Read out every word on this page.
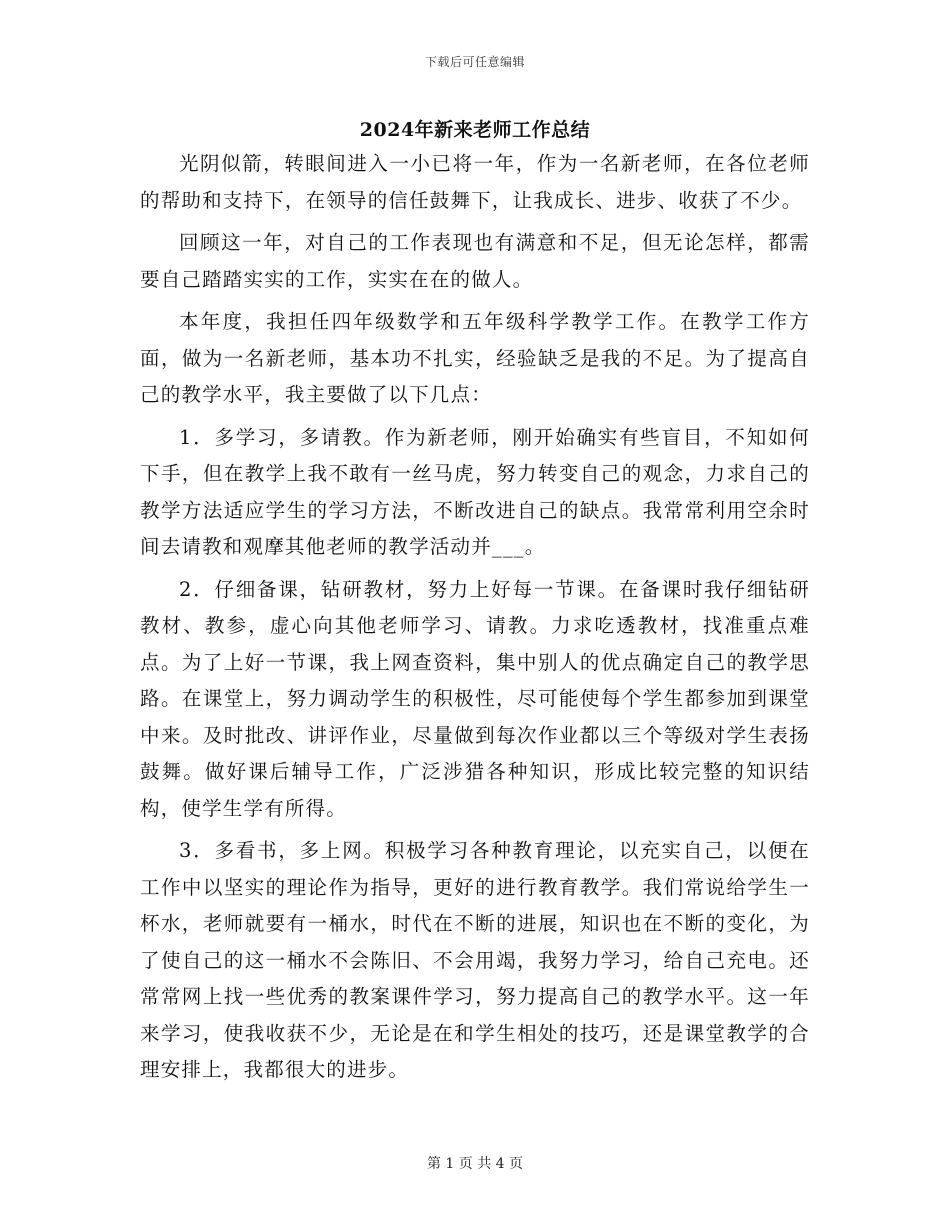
下载后可任意编辑
2024年新来老师工作总结

光阴似箭，转眼间进入一小已将一年，作为一名新老师，在各位老师的帮助和支持下，在领导的信任鼓舞下，让我成长、进步、收获了不少。

回顾这一年，对自己的工作表现也有满意和不足，但无论怎样，都需要自己踏踏实实的工作，实实在在的做人。

本年度，我担任四年级数学和五年级科学教学工作。在教学工作方面，做为一名新老师，基本功不扎实，经验缺乏是我的不足。为了提高自己的教学水平，我主要做了以下几点：

1．多学习，多请教。作为新老师，刚开始确实有些盲目，不知如何下手，但在教学上我不敢有一丝马虎，努力转变自己的观念，力求自己的教学方法适应学生的学习方法，不断改进自己的缺点。我常常利用空余时间去请教和观摩其他老师的教学活动并___。

2．仔细备课，钻研教材，努力上好每一节课。在备课时我仔细钻研教材、教参，虚心向其他老师学习、请教。力求吃透教材，找准重点难点。为了上好一节课，我上网查资料，集中别人的优点确定自己的教学思路。在课堂上，努力调动学生的积极性，尽可能使每个学生都参加到课堂中来。及时批改、讲评作业，尽量做到每次作业都以三个等级对学生表扬鼓舞。做好课后辅导工作，广泛涉猎各种知识，形成比较完整的知识结构，使学生学有所得。

3．多看书，多上网。积极学习各种教育理论，以充实自己，以便在工作中以坚实的理论作为指导，更好的进行教育教学。我们常说给学生一杯水，老师就要有一桶水，时代在不断的进展，知识也在不断的变化，为了使自己的这一桶水不会陈旧、不会用竭，我努力学习，给自己充电。还常常网上找一些优秀的教案课件学习，努力提高自己的教学水平。这一年来学习，使我收获不少，无论是在和学生相处的技巧，还是课堂教学的合理安排上，我都很大的进步。

第 1 页 共 4 页
